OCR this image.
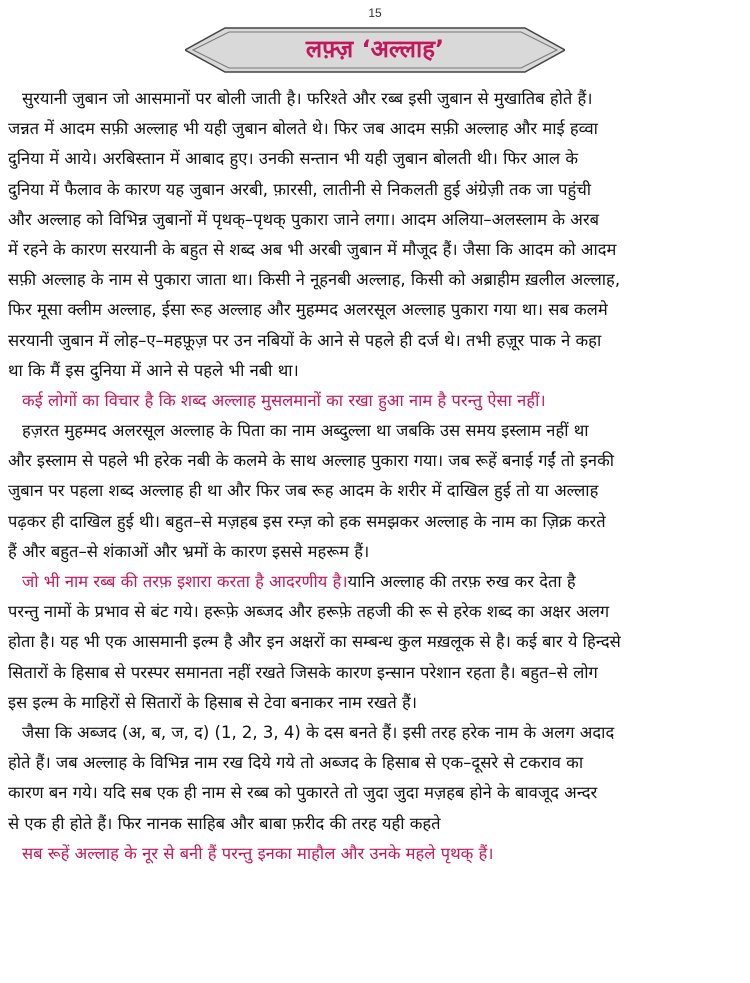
15
लफ़्ज़ ‘अल्लाह’
सुरयानी जुबान जो आसमानों पर बोली जाती है। फरिश्ते और रब्ब इसी जुबान से मुखातिब होते हैं।
जन्नत में आदम सफ़ी अल्लाह भी यही जुबान बोलते थे। फिर जब आदम सफ़ी अल्लाह और माई हव्वा
दुनिया में आये। अरबिस्तान में आबाद हुए। उनकी सन्तान भी यही जुबान बोलती थी। फिर आल के
दुनिया में फैलाव के कारण यह जुबान अरबी, फ़ारसी, लातीनी से निकलती हुई अंग्रेज़ी तक जा पहुंची
और अल्लाह को विभिन्न जुबानों में पृथक्–पृथक् पुकारा जाने लगा। आदम अलिया–अलस्लाम के अरब
में रहने के कारण सरयानी के बहुत से शब्द अब भी अरबी जुबान में मौजूद हैं। जैसा कि आदम को आदम
सफ़ी अल्लाह के नाम से पुकारा जाता था। किसी ने नूहनबी अल्लाह, किसी को अब्राहीम ख़लील अल्लाह,
फिर मूसा क्लीम अल्लाह, ईसा रूह अल्लाह और मुहम्मद अलरसूल अल्लाह पुकारा गया था। सब कलमे
सरयानी जुबान में लोह–ए–महफ़ूज़ पर उन नबियों के आने से पहले ही दर्ज थे। तभी हज़ूर पाक ने कहा
था कि मैं इस दुनिया में आने से पहले भी नबी था।
कई लोगों का विचार है कि शब्द अल्लाह मुसलमानों का रखा हुआ नाम है परन्तु ऐसा नहीं।
हज़रत मुहम्मद अलरसूल अल्लाह के पिता का नाम अब्दुल्ला था जबकि उस समय इस्लाम नहीं था
और इस्लाम से पहले भी हरेक नबी के कलमे के साथ अल्लाह पुकारा गया। जब रूहें बनाई गईं तो इनकी
जुबान पर पहला शब्द अल्लाह ही था और फिर जब रूह आदम के शरीर में दाखिल हुई तो या अल्लाह
पढ़कर ही दाखिल हुई थी। बहुत–से मज़हब इस रम्ज़ को हक समझकर अल्लाह के नाम का ज़िक्र करते
हैं और बहुत–से शंकाओं और भ्रमों के कारण इससे महरूम हैं।
जो भी नाम रब्ब की तरफ़ इशारा करता है आदरणीय है।यानि अल्लाह की तरफ़ रुख कर देता है
परन्तु नामों के प्रभाव से बंट गये। हरूफ़े अब्जद और हरूफ़े तहजी की रू से हरेक शब्द का अक्षर अलग
होता है। यह भी एक आसमानी इल्म है और इन अक्षरों का सम्बन्ध कुल मख़लूक से है। कई बार ये हिन्दसे
सितारों के हिसाब से परस्पर समानता नहीं रखते जिसके कारण इन्सान परेशान रहता है। बहुत–से लोग
इस इल्म के माहिरों से सितारों के हिसाब से टेवा बनाकर नाम रखते हैं।
जैसा कि अब्जद (अ, ब, ज, द) (1, 2, 3, 4) के दस बनते हैं। इसी तरह हरेक नाम के अलग अदाद
होते हैं। जब अल्लाह के विभिन्न नाम रख दिये गये तो अब्जद के हिसाब से एक–दूसरे से टकराव का
कारण बन गये। यदि सब एक ही नाम से रब्ब को पुकारते तो जुदा जुदा मज़हब होने के बावजूद अन्दर
से एक ही होते हैं। फिर नानक साहिब और बाबा फ़रीद की तरह यही कहते
सब रूहें अल्लाह के नूर से बनी हैं परन्तु इनका माहौल और उनके महले पृथक् हैं।
